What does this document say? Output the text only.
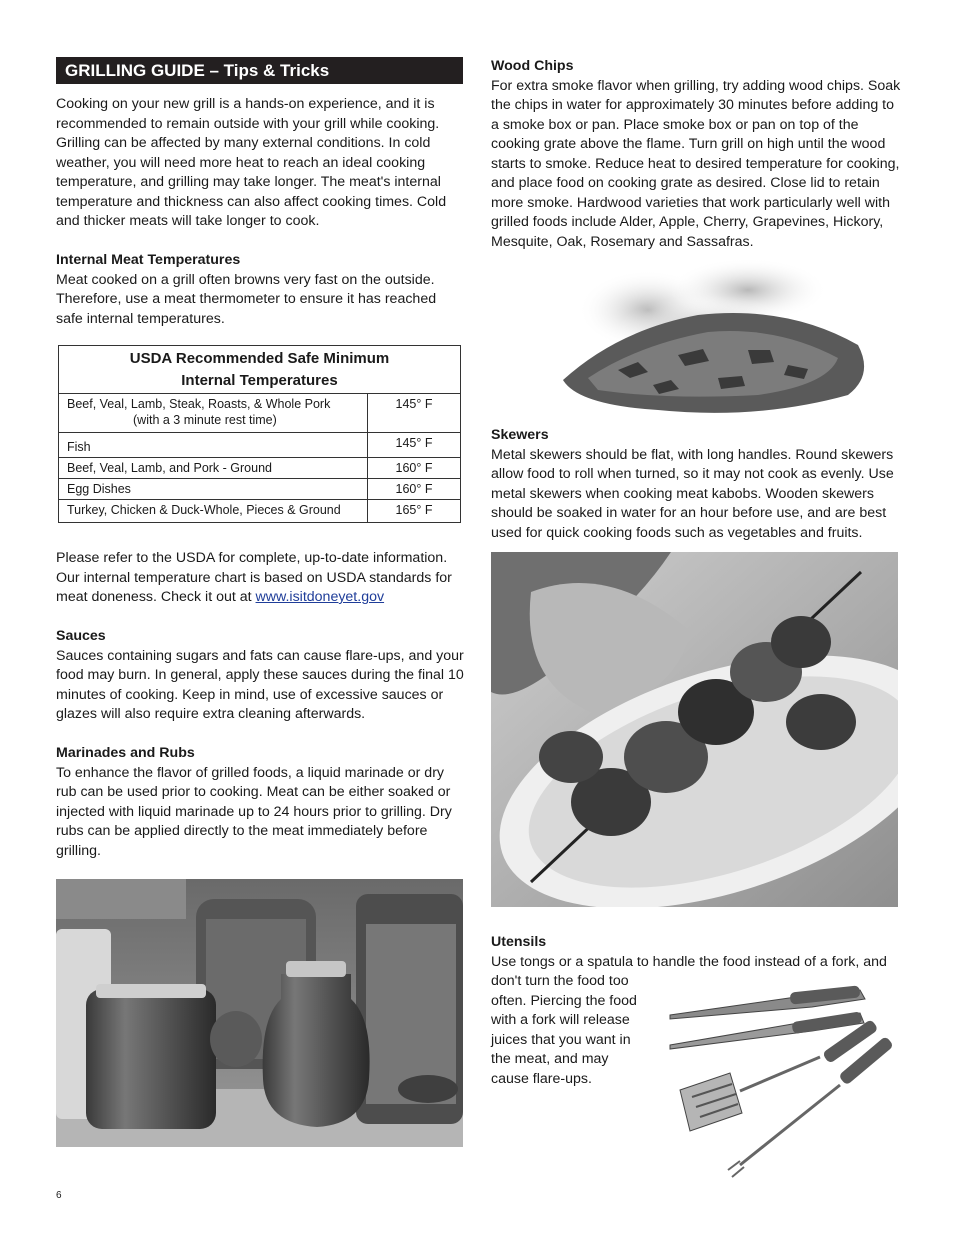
GRILLING GUIDE – Tips & Tricks

Cooking on your new grill is a hands-on experience, and it is recommended to remain outside with your grill while cooking. Grilling can be affected by many external conditions. In cold weather, you will need more heat to reach an ideal cooking temperature, and grilling may take longer. The meat's internal temperature and thickness can also affect cooking times. Cold and thicker meats will take longer to cook.

Internal Meat Temperatures

Meat cooked on a grill often browns very fast on the outside. Therefore, use a meat thermometer to ensure it has reached safe internal temperatures.

USDA Recommended Safe Minimum
Internal Temperatures	

Beef, Veal, Lamb, Steak, Roasts, & Whole Pork
(with a 3 minute rest time)	145° F
Fish	145° F
Beef, Veal, Lamb, and Pork - Ground	160° F
Egg Dishes	160° F
Turkey, Chicken & Duck-Whole, Pieces & Ground	165° F

Please refer to the USDA for complete, up-to-date information. Our internal temperature chart is based on USDA standards for meat doneness. Check it out at www.isitdoneyet.gov

Sauces

Sauces containing sugars and fats can cause flare-ups, and your food may burn. In general, apply these sauces during the final 10 minutes of cooking. Keep in mind, use of excessive sauces or glazes will also require extra cleaning afterwards.

Marinades and Rubs

To enhance the flavor of grilled foods, a liquid marinade or dry rub can be used prior to cooking. Meat can be either soaked or injected with liquid marinade up to 24 hours prior to grilling. Dry rubs can be applied directly to the meat immediately before grilling.

Wood Chips

For extra smoke flavor when grilling, try adding wood chips. Soak the chips in water for approximately 30 minutes before adding to a smoke box or pan. Place smoke box or pan on top of the cooking grate above the flame. Turn grill on high until the wood starts to smoke. Reduce heat to desired temperature for cooking, and place food on cooking grate as desired. Close lid to retain more smoke. Hardwood varieties that work particularly well with grilled foods include Alder, Apple, Cherry, Grapevines, Hickory, Mesquite, Oak, Rosemary and Sassafras.

Skewers

Metal skewers should be flat, with long handles. Round skewers allow food to roll when turned, so it may not cook as evenly. Use metal skewers when cooking meat kabobs. Wooden skewers should be soaked in water for an hour before use, and are best used for quick cooking foods such as vegetables and fruits.

Utensils

Use tongs or a spatula to handle the food instead of a fork, and

don't turn the food too often. Piercing the food with a fork will release juices that you want in the meat, and may cause flare-ups.

6
